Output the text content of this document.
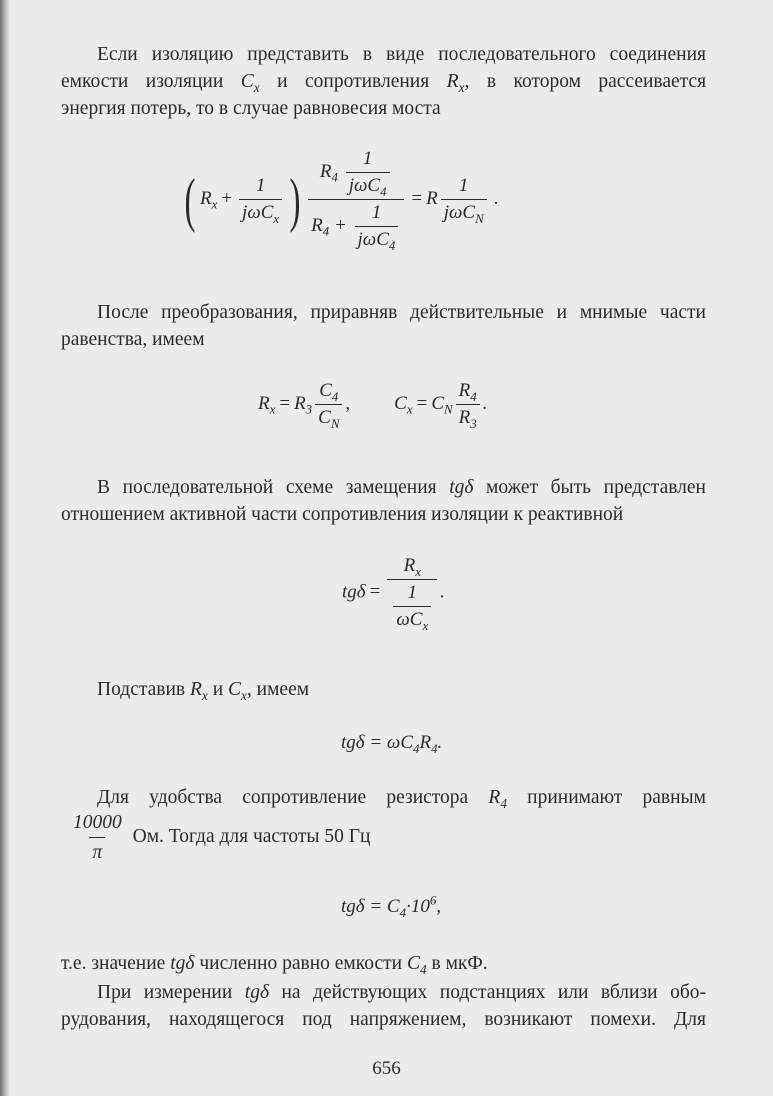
Если изоляцию представить в виде последовательного соединения
емкости изоляции $C_x$ и сопротивления $R_x$, в котором рассеивается
энергия потерь, то в случае равновесия моста
( $R_x + \frac{1}{j\omega C_x}$ ) $\frac{R_4 \frac{1}{j\omega C_4}}{R_4 + \frac{1}{j\omega C_4}} = R \frac{1}{j\omega C_N}$ .
После преобразования, приравняв действительные и мнимые части
равенства, имеем
$R_x = R_3 \frac{C_4}{C_N}$ , $C_x = C_N \frac{R_4}{R_3}$ .
В последовательной схеме замещения tgδ может быть представлен
отношением активной части сопротивления изоляции к реактивной
$tg\delta = \frac{R_x}{\frac{1}{\omega C_x}}$ .
Подставив $R_x$ и $C_x$, имеем
$tg\delta = \omega C_4R_4$.
Для удобства сопротивление резистора $R_4$ принимают равным
$\frac{10000}{\pi}$ Ом. Тогда для частоты 50 Гц
$tg\delta = C_4\cdot 10^6$,
т.е. значение tgδ численно равно емкости $C_4$ в мкФ.
При измерении tgδ на действующих подстанциях или вблизи обо-
рудования, находящегося под напряжением, возникают помехи. Для
656
